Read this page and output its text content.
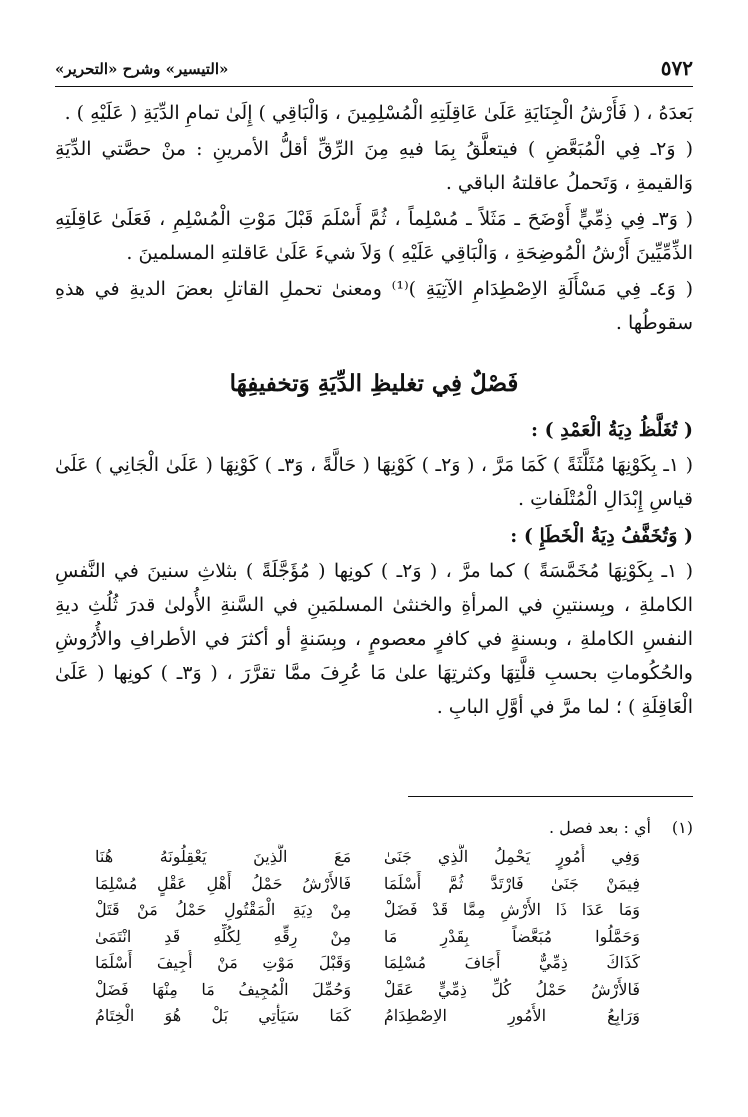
٥٧٢
«التيسير» وشرح «التحرير»

بَعدَهُ ، ( فَأَرْشُ الْجِنَايَةِ عَلَىٰ عَاقِلَتِهِ الْمُسْلِمِينَ ، وَالْبَاقِي ) إِلَىٰ تمامِ الدِّيَةِ ( عَلَيْهِ ) .

( وَ٢ـ فِي الْمُبَعَّضِ ) فيتعلَّقُ بِمَا فيهِ مِنَ الرِّقِّ أقلُّ الأمرينِ : منْ حصَّتي الدِّيَةِ وَالقيمةِ ، وَتَحملُ عاقلتهُ الباقي .

( وَ٣ـ فِي ذِمِّيٍّ أَوْضَحَ ـ مَثَلاً ـ مُسْلِماً ، ثُمَّ أَسْلَمَ قَبْلَ مَوْتِ الْمُسْلِمِ ، فَعَلَىٰ عَاقِلَتِهِ الذِّمِّيِّينَ أَرْشُ الْمُوضِحَةِ ، وَالْبَاقِي عَلَيْهِ ) وَلاَ شيءَ عَلَىٰ عَاقلتهِ المسلمينَ .

( وَ٤ـ فِي مَسْأَلَةِ الاِصْطِدَامِ الآتِيَةِ )⁽¹⁾ ومعنىٰ تحملِ القاتلِ بعضَ الديةِ في هذهِ سقوطُها .

فَصْلٌ فِي تغليظِ الدِّيَةِ وَتخفيفِهَا

( تُغَلَّظُ دِيَةُ الْعَمْدِ ) :

( ١ـ بِكَوْنِهَا مُثَلَّثَةً ) كَمَا مَرَّ ، ( وَ٢ـ ) كَوْنِهَا ( حَالَّةً ، وَ٣ـ ) كَوْنِهَا ( عَلَىٰ الْجَانِي ) عَلَىٰ قياسِ إِبْدَالِ الْمُتْلَفاتِ .

( وَتُخَفَّفُ دِيَةُ الْخَطَإِ ) :

( ١ـ بِكَوْنِهَا مُخَمَّسَةً ) كما مرَّ ، ( وَ٢ـ ) كونِها ( مُؤَجَّلَةً ) بثلاثِ سنينَ في النَّفسِ الكاملةِ ، وبِسنتينِ في المرأةِ والخنثىٰ المسلمَينِ في السَّنةِ الأُولىٰ قدرَ ثُلُثِ ديةِ النفسِ الكاملةِ ، وبسنةٍ في كافرٍ معصومٍ ، وبِسَنةٍ أو أكثرَ في الأطرافِ والأُرُوشِ والحُكُوماتِ بحسبِ قلَّتِهَا وكثرتِهَا علىٰ مَا عُرِفَ ممَّا تقرَّرَ ، ( وَ٣ـ ) كونِها ( عَلَىٰ الْعَاقِلَةِ ) ؛ لما مرَّ في أوَّلِ البابِ .

(١)
أي : بعد فصل .
وَفِي أُمُورٍ يَحْمِلُ الَّذِي جَنَىٰ
مَعَ الَّذِينَ يَعْقِلُونَهُ هُنَا
فِيمَنْ جَنَىٰ فَارْتَدَّ ثُمَّ أَسْلَمَا
فَالأَرْشُ حَمْلُ أَهْلِ عَقْلٍ مُسْلِمَا
وَمَا عَدَا ذَا الأَرْشِ مِمَّا قَدْ فَضَلْ
مِنْ دِيَةِ الْمَقْتُولِ حَمْلُ مَنْ قَتَلْ
وَحَمَّلُوا مُبَعَّضاً بِقَدْرِ مَا
مِنْ رِقِّهِ لِكُلِّهِ قَدِ انْتَمَىٰ
كَذَاكَ ذِمِّيٌّ أَجَافَ مُسْلِمَا
وَقَبْلَ مَوْتِ مَنْ أُجِيفَ أَسْلَمَا
فَالأَرْشُ حَمْلُ كُلِّ ذِمِّيٍّ عَقَلْ
وَحُمِّلَ الْمُجِيفُ مَا مِنْهَا فَضَلْ
وَرَابِعُ الأُمُورِ الاِصْطِدَامُ
كَمَا سَيَأْتِي بَلْ هُوَ الْخِتَامُ
